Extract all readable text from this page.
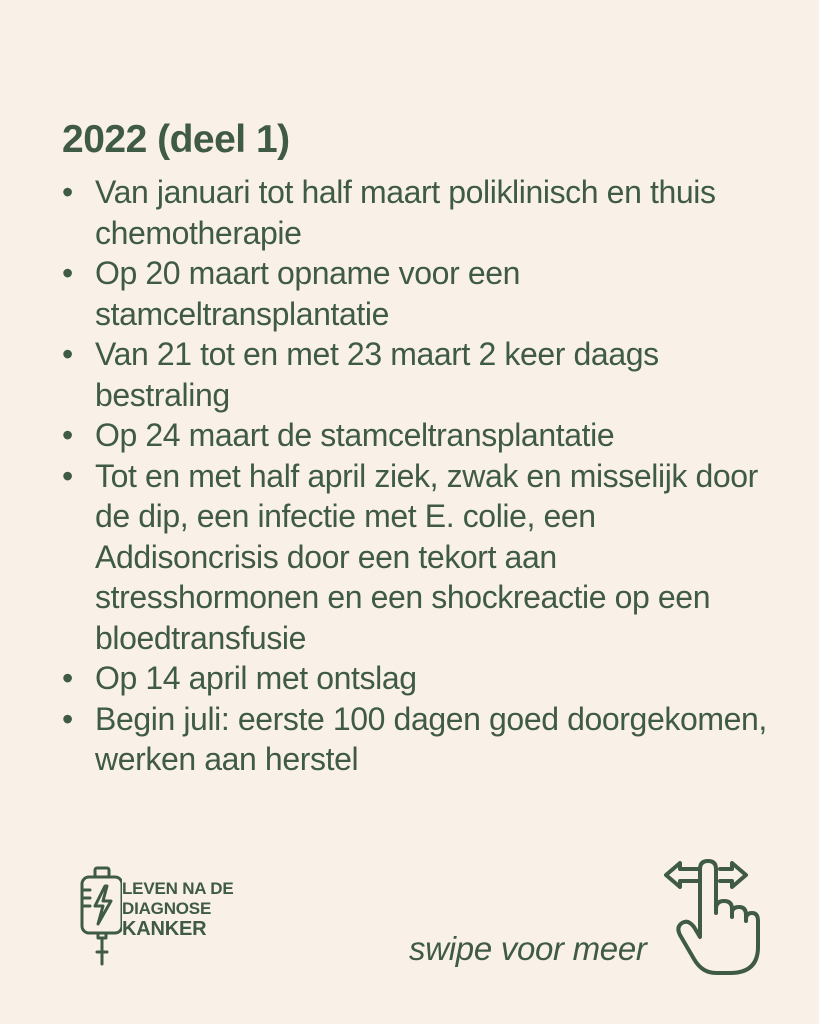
2022 (deel 1)
• Van januari tot half maart poliklinisch en thuis chemotherapie
• Op 20 maart opname voor een stamceltransplantatie
• Van 21 tot en met 23 maart 2 keer daags bestraling
• Op 24 maart de stamceltransplantatie
• Tot en met half april ziek, zwak en misselijk door de dip, een infectie met E. colie, een Addisoncrisis door een tekort aan stresshormonen en een shockreactie op een bloedtransfusie
• Op 14 april met ontslag
• Begin juli: eerste 100 dagen goed doorgekomen, werken aan herstel
LEVEN NA DE
DIAGNOSE
KANKER
swipe voor meer
